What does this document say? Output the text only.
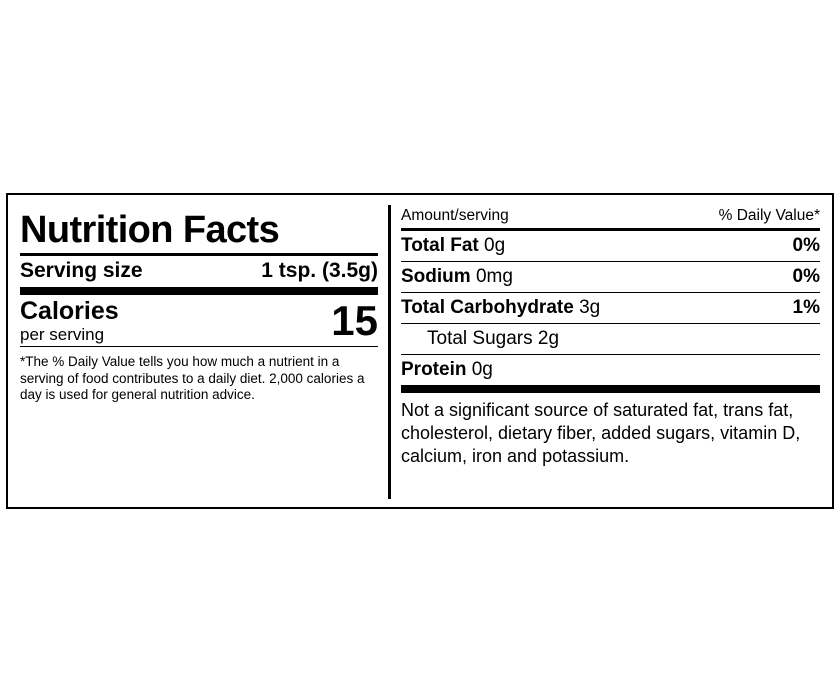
Nutrition Facts
Serving size	1 tsp. (3.5g)
Calories
per serving	15
*The % Daily Value tells you how much a nutrient in a serving of food contributes to a daily diet. 2,000 calories a day is used for general nutrition advice.
Amount/serving	% Daily Value*
Total Fat 0g	0%
Sodium 0mg	0%
Total Carbohydrate 3g	1%
Total Sugars 2g
Protein 0g
Not a significant source of saturated fat, trans fat, cholesterol, dietary fiber, added sugars, vitamin D, calcium, iron and potassium.
